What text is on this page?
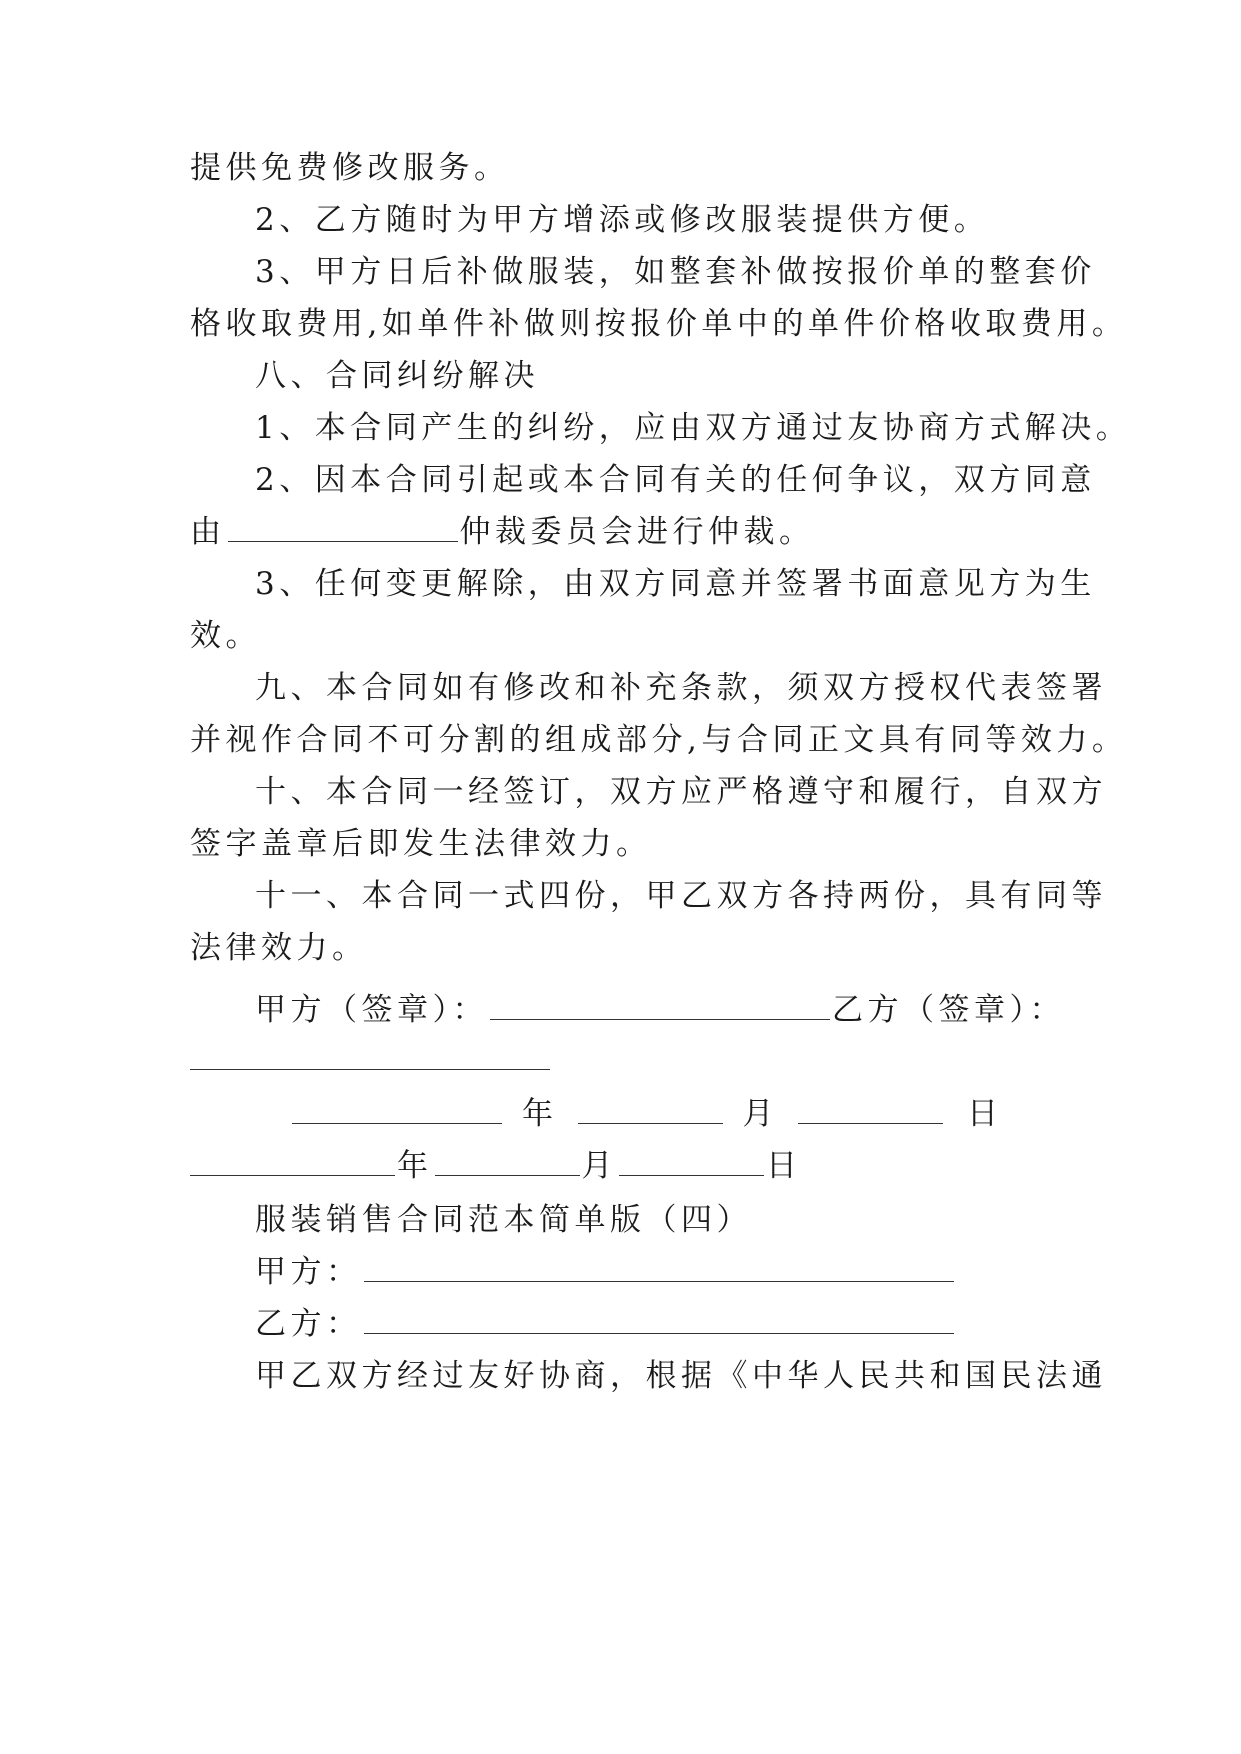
提供免费修改服务。
2、乙方随时为甲方增添或修改服装提供方便。
3、甲方日后补做服装，如整套补做按报价单的整套价
格收取费用,如单件补做则按报价单中的单件价格收取费用。
八、合同纠纷解决
1、本合同产生的纠纷，应由双方通过友协商方式解决。
2、因本合同引起或本合同有关的任何争议，双方同意
由	仲裁委员会进行仲裁。
3、任何变更解除，由双方同意并签署书面意见方为生
效。
九、本合同如有修改和补充条款，须双方授权代表签署
并视作合同不可分割的组成部分,与合同正文具有同等效力。
十、本合同一经签订，双方应严格遵守和履行，自双方
签字盖章后即发生法律效力。
十一、本合同一式四份，甲乙双方各持两份，具有同等
法律效力。
甲方（签章）：	乙方（签章）：
年	月	日
年	月	日
服装销售合同范本简单版（四）
甲方：
乙方：
甲乙双方经过友好协商，根据《中华人民共和国民法通
